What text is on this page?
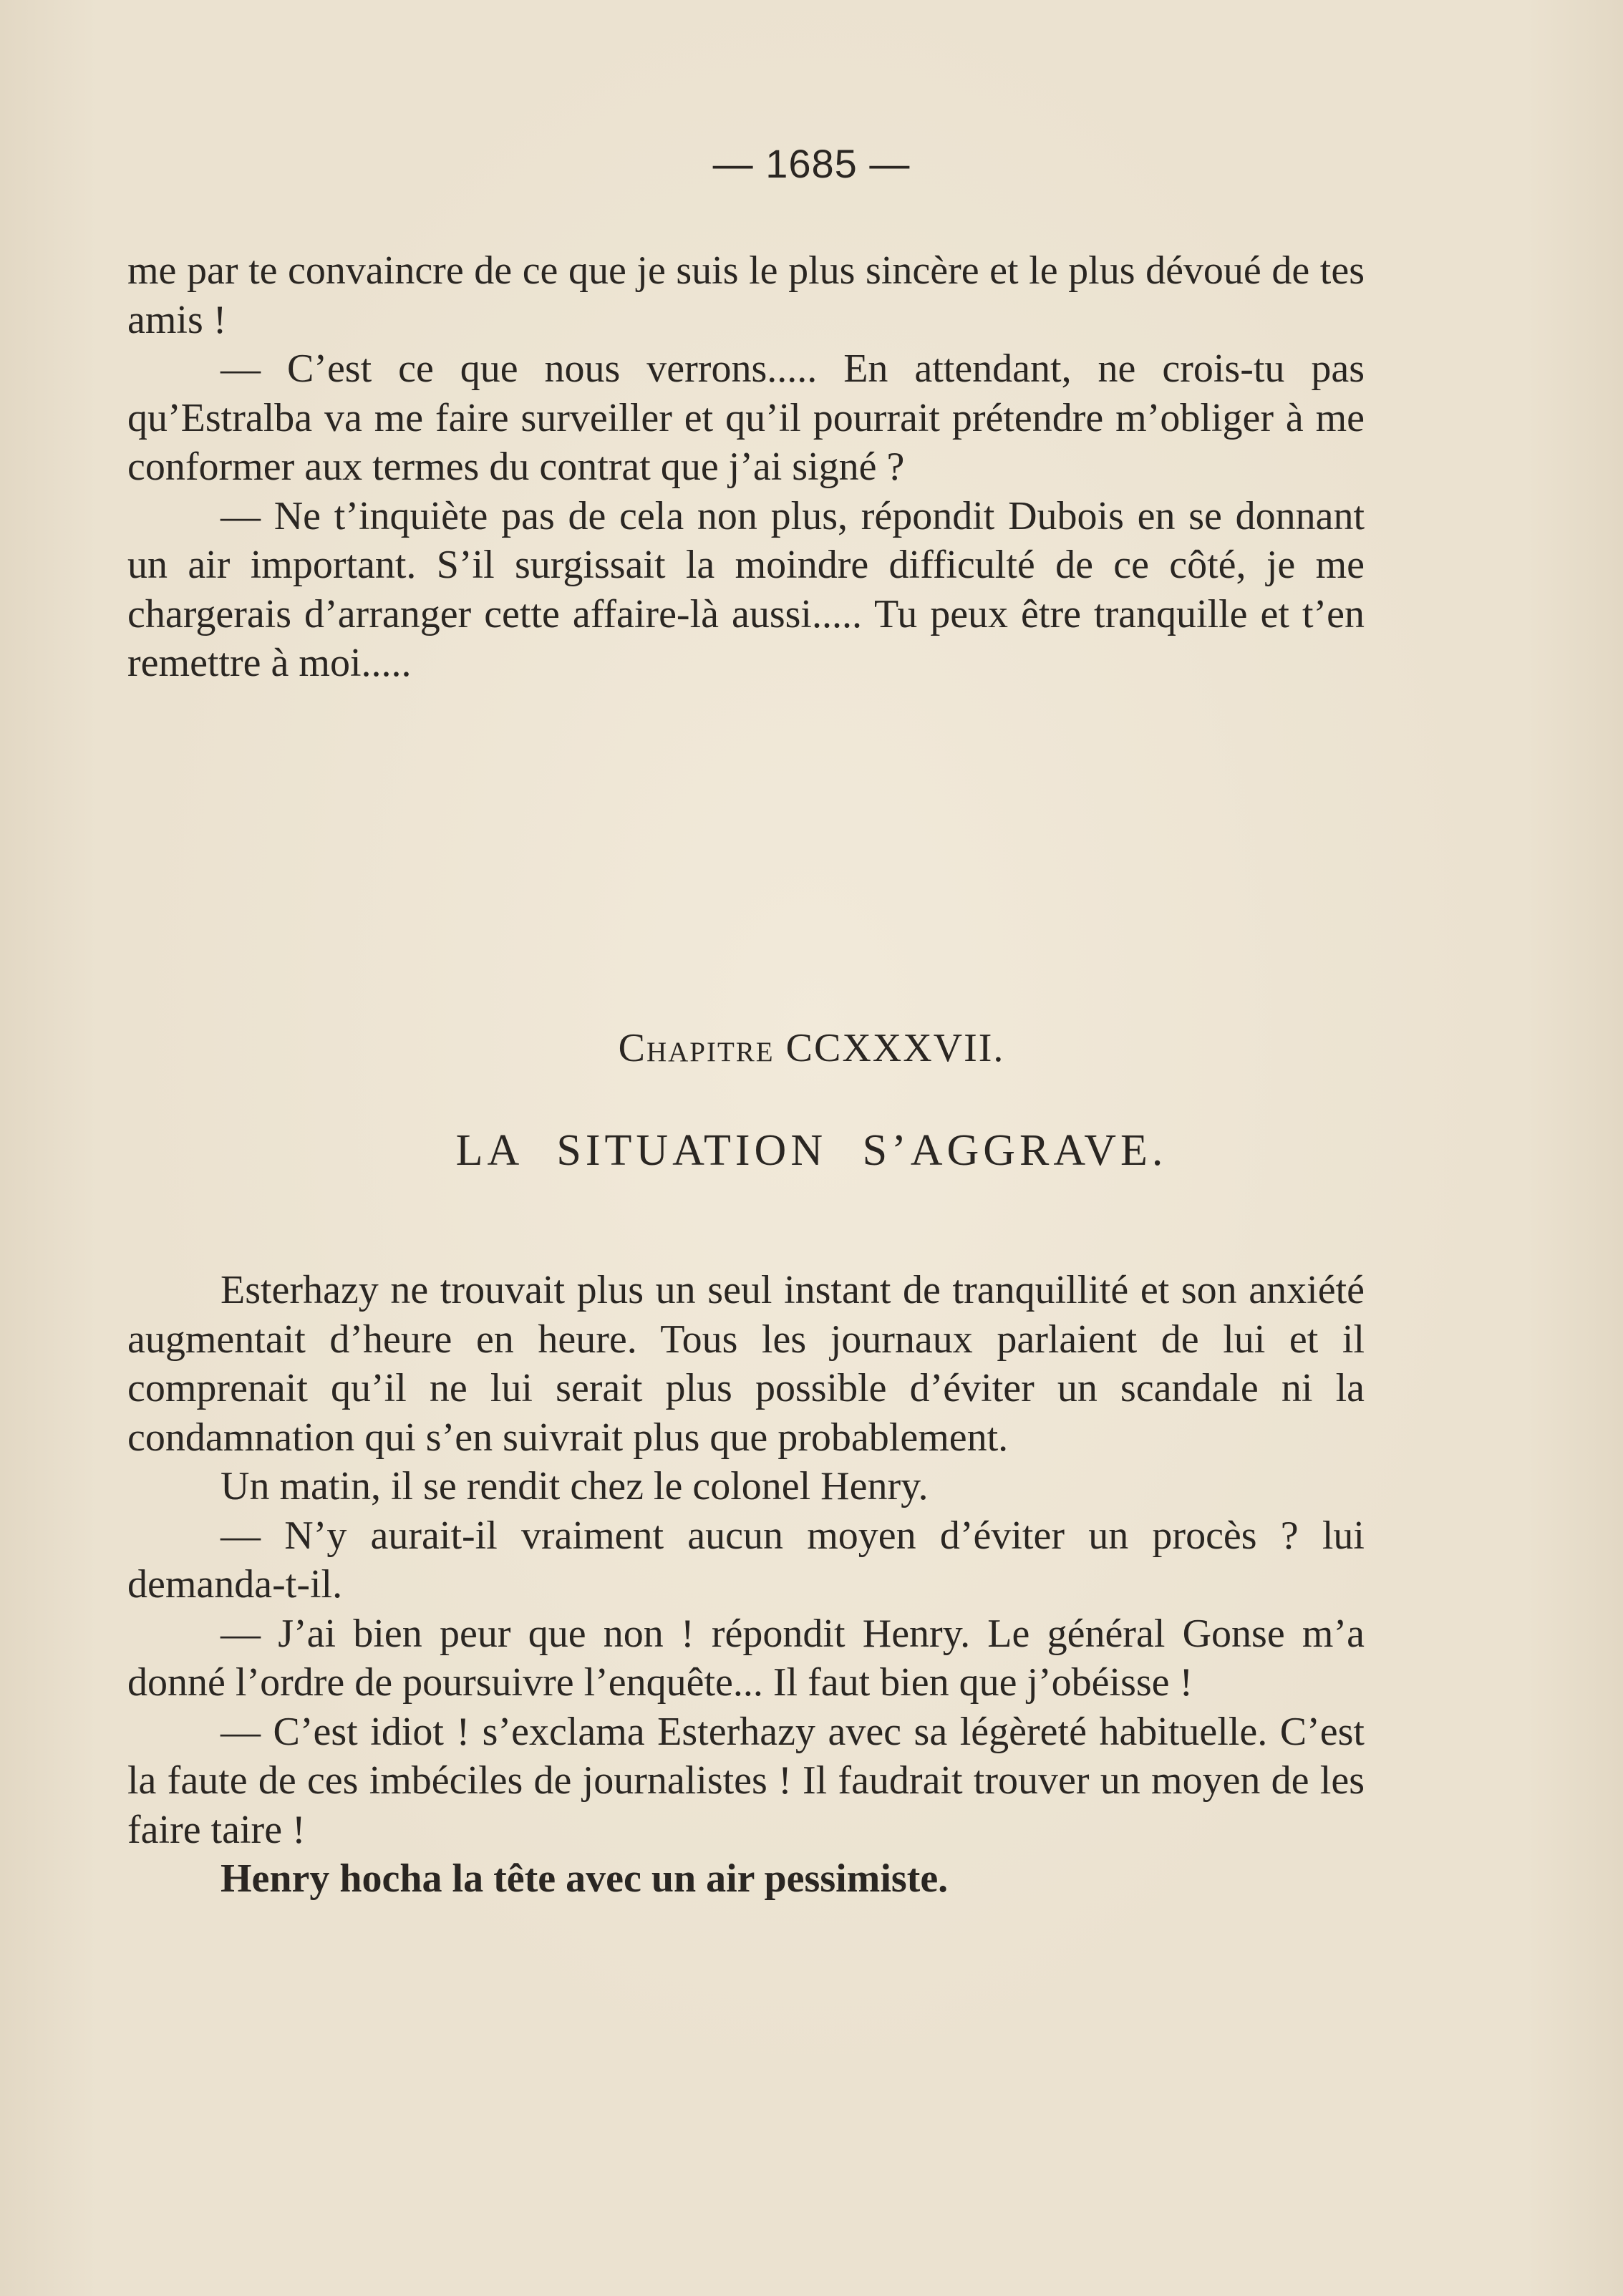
— 1685 —

me par te convaincre de ce que je suis le plus sincère et le plus dévoué de tes amis !

— C’est ce que nous verrons..... En attendant, ne crois-tu pas qu’Estralba va me faire surveiller et qu’il pourrait prétendre m’obliger à me conformer aux termes du contrat que j’ai signé ?

— Ne t’inquiète pas de cela non plus, répondit Dubois en se donnant un air important. S’il surgissait la moindre difficulté de ce côté, je me chargerais d’arranger cette affaire-là aussi..... Tu peux être tranquille et t’en remettre à moi.....

Chapitre CCXXXVII.
LA SITUATION S’AGGRAVE.

Esterhazy ne trouvait plus un seul instant de tranquillité et son anxiété augmentait d’heure en heure. Tous les journaux parlaient de lui et il comprenait qu’il ne lui serait plus possible d’éviter un scandale ni la condamnation qui s’en suivrait plus que probablement.

Un matin, il se rendit chez le colonel Henry.

— N’y aurait-il vraiment aucun moyen d’éviter un procès ? lui demanda-t-il.

— J’ai bien peur que non ! répondit Henry. Le général Gonse m’a donné l’ordre de poursuivre l’enquête... Il faut bien que j’obéisse !

— C’est idiot ! s’exclama Esterhazy avec sa légèreté habituelle. C’est la faute de ces imbéciles de journalistes ! Il faudrait trouver un moyen de les faire taire !

Henry hocha la tête avec un air pessimiste.
